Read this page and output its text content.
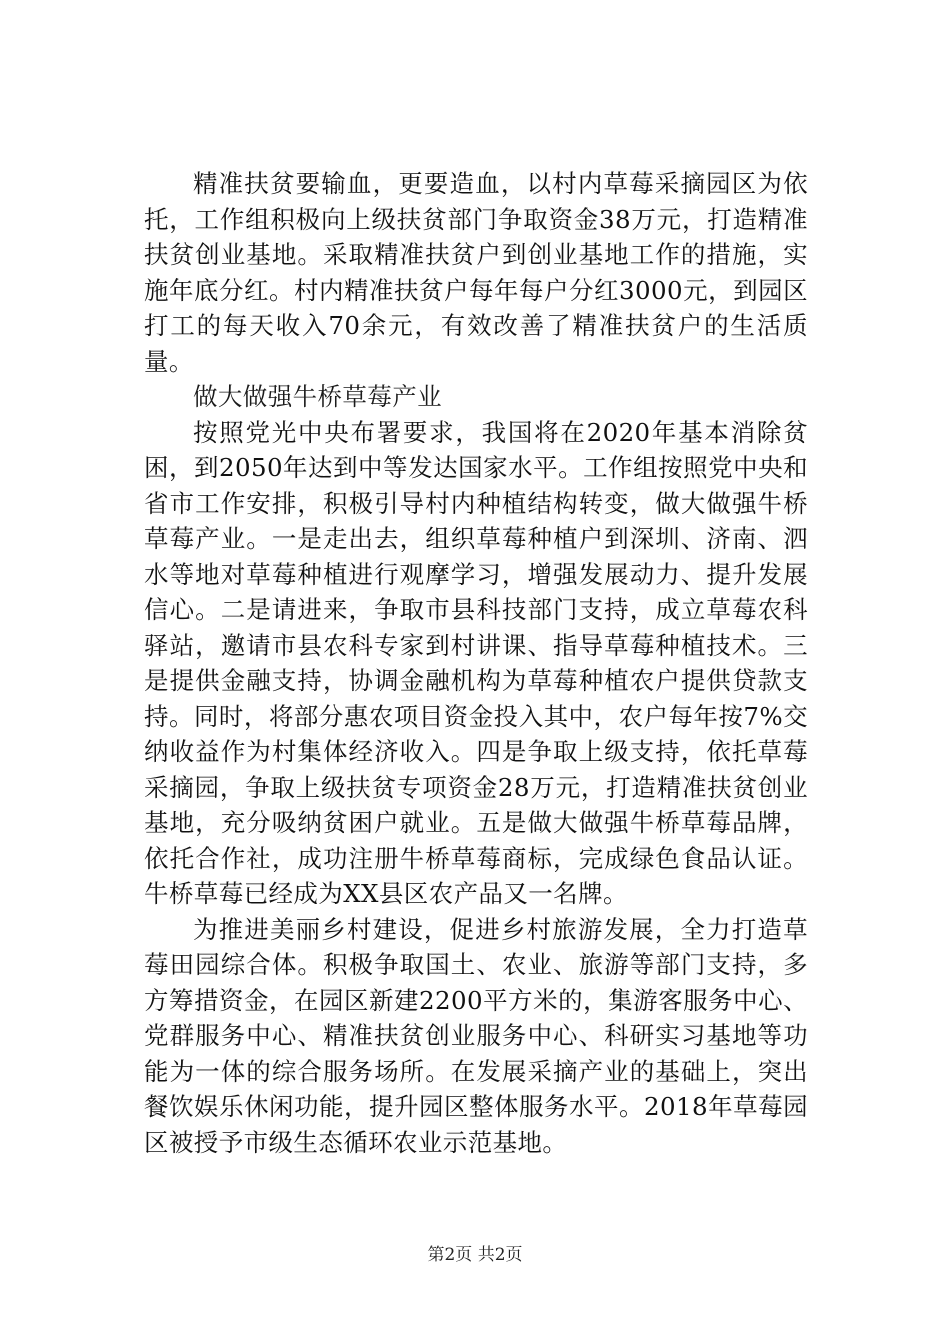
精准扶贫要输血，更要造血，以村内草莓采摘园区为依托，工作组积极向上级扶贫部门争取资金38万元，打造精准扶贫创业基地。采取精准扶贫户到创业基地工作的措施，实施年底分红。村内精准扶贫户每年每户分红3000元，到园区打工的每天收入70余元，有效改善了精准扶贫户的生活质量。

做大做强牛桥草莓产业

按照党光中央布署要求，我国将在2020年基本消除贫困，到2050年达到中等发达国家水平。工作组按照党中央和省市工作安排，积极引导村内种植结构转变，做大做强牛桥草莓产业。一是走出去，组织草莓种植户到深圳、济南、泗水等地对草莓种植进行观摩学习，增强发展动力、提升发展信心。二是请进来，争取市县科技部门支持，成立草莓农科驿站，邀请市县农科专家到村讲课、指导草莓种植技术。三是提供金融支持，协调金融机构为草莓种植农户提供贷款支持。同时，将部分惠农项目资金投入其中，农户每年按7%交纳收益作为村集体经济收入。四是争取上级支持，依托草莓采摘园，争取上级扶贫专项资金28万元，打造精准扶贫创业基地，充分吸纳贫困户就业。五是做大做强牛桥草莓品牌，依托合作社，成功注册牛桥草莓商标，完成绿色食品认证。牛桥草莓已经成为XX县区农产品又一名牌。

为推进美丽乡村建设，促进乡村旅游发展，全力打造草莓田园综合体。积极争取国土、农业、旅游等部门支持，多方筹措资金，在园区新建2200平方米的，集游客服务中心、党群服务中心、精准扶贫创业服务中心、科研实习基地等功能为一体的综合服务场所。在发展采摘产业的基础上，突出餐饮娱乐休闲功能，提升园区整体服务水平。2018年草莓园区被授予市级生态循环农业示范基地。

第2页 共2页
